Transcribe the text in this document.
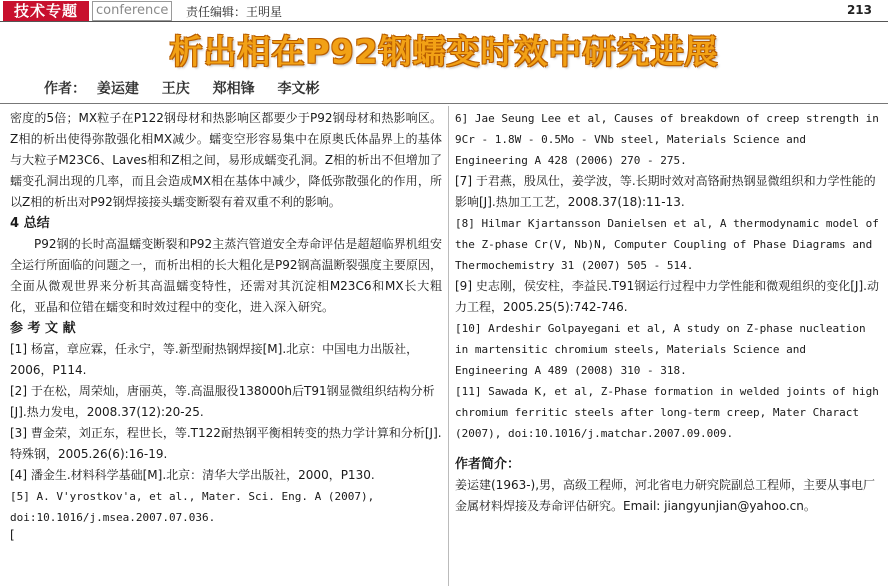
技术专题	conference	责任编辑：王明星	213
析出相在P92钢蠕变时效中研究进展
作者： 姜运建 王庆 郑相锋 李文彬

密度的5倍；MX粒子在P122钢母材和热影响区都要少于P92钢母材和热影响区。Z相的析出使得弥散强化相MX减少。蠕变空形容易集中在原奥氏体晶界上的基体与大粒子M23C6、Laves相和Z相之间，易形成蠕变孔洞。Z相的析出不但增加了蠕变孔洞出现的几率，而且会造成MX相在基体中减少，降低弥散强化的作用，所以Z相的析出对P92钢焊接接头蠕变断裂有着双重不利的影响。

4 总结

P92钢的长时高温蠕变断裂和P92主蒸汽管道安全寿命评估是超超临界机组安全运行所面临的问题之一，而析出相的长大粗化是P92钢高温断裂强度主要原因，全面从微观世界来分析其高温蠕变特性，还需对其沉淀相M23C6和MX长大粗化，亚晶和位错在蠕变和时效过程中的变化，进入深入研究。

参 考 文 献

[1] 杨富，章应霖，任永宁，等.新型耐热钢焊接[M].北京：中国电力出版社，2006，P114.

[2] 于在松，周荣灿，唐丽英，等.高温服役138000h后T91钢显微组织结构分析[J].热力发电，2008.37(12):20-25.

[3] 曹金荣，刘正东，程世长，等.T122耐热钢平衡相转变的热力学计算和分析[J].特殊钢，2005.26(6):16-19.

[4] 潘金生.材料科学基础[M].北京：清华大学出版社，2000，P130.

[5] A. V'yrostkov'a, et al., Mater. Sci. Eng. A (2007), doi:10.1016/j.msea.2007.07.036.

[

6] Jae Seung Lee et al, Causes of breakdown of creep strength in 9Cr - 1.8W - 0.5Mo - VNb steel, Materials Science and Engineering A 428 (2006) 270 - 275.

[7] 于君燕，殷凤仕，姜学波，等.长期时效对高铬耐热钢显微组织和力学性能的影响[J].热加工工艺，2008.37(18):11-13.

[8] Hilmar Kjartansson Danielsen et al, A thermodynamic model of the Z-phase Cr(V, Nb)N, Computer Coupling of Phase Diagrams and Thermochemistry 31 (2007) 505 - 514.

[9] 史志刚，侯安柱，李益民.T91钢运行过程中力学性能和微观组织的变化[J].动力工程，2005.25(5):742-746.

[10] Ardeshir Golpayegani et al, A study on Z-phase nucleation in martensitic chromium steels, Materials Science and Engineering A 489 (2008) 310 - 318.

[11] Sawada K, et al, Z-Phase formation in welded joints of high chromium ferritic steels after long-term creep, Mater Charact (2007), doi:10.1016/j.matchar.2007.09.009.

作者简介：

姜运建(1963-),男，高级工程师，河北省电力研究院副总工程师，主要从事电厂金属材料焊接及寿命评估研究。Email: jiangyunjian@yahoo.cn。
